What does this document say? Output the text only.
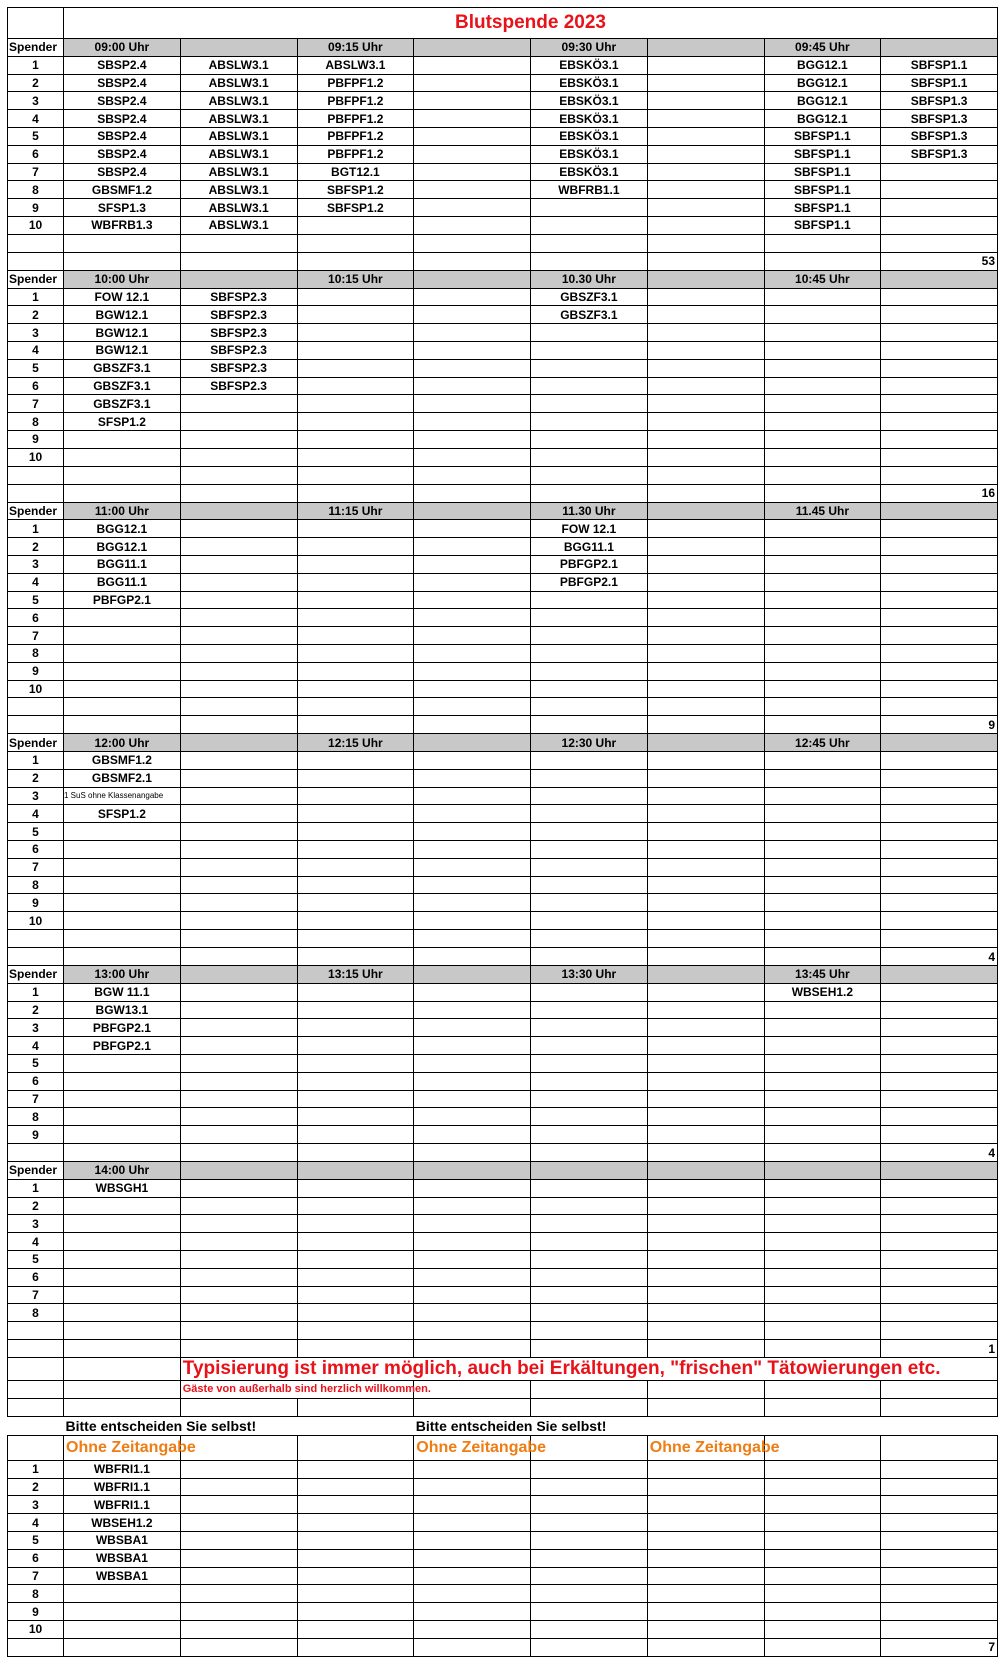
	Blutspende 2023							
Spender	09:00 Uhr		09:15 Uhr		09:30 Uhr		09:45 Uhr	
1	SBSP2.4	ABSLW3.1	ABSLW3.1		EBSKÖ3.1		BGG12.1	SBFSP1.1
2	SBSP2.4	ABSLW3.1	PBFPF1.2		EBSKÖ3.1		BGG12.1	SBFSP1.1
3	SBSP2.4	ABSLW3.1	PBFPF1.2		EBSKÖ3.1		BGG12.1	SBFSP1.3
4	SBSP2.4	ABSLW3.1	PBFPF1.2		EBSKÖ3.1		BGG12.1	SBFSP1.3
5	SBSP2.4	ABSLW3.1	PBFPF1.2		EBSKÖ3.1		SBFSP1.1	SBFSP1.3
6	SBSP2.4	ABSLW3.1	PBFPF1.2		EBSKÖ3.1		SBFSP1.1	SBFSP1.3
7	SBSP2.4	ABSLW3.1	BGT12.1		EBSKÖ3.1		SBFSP1.1	
8	GBSMF1.2	ABSLW3.1	SBFSP1.2		WBFRB1.1		SBFSP1.1	
9	SFSP1.3	ABSLW3.1	SBFSP1.2				SBFSP1.1	
10	WBFRB1.3	ABSLW3.1					SBFSP1.1	

								53
Spender	10:00 Uhr		10:15 Uhr		10.30 Uhr		10:45 Uhr	
1	FOW 12.1	SBFSP2.3			GBSZF3.1			
2	BGW12.1	SBFSP2.3			GBSZF3.1			
3	BGW12.1	SBFSP2.3						
4	BGW12.1	SBFSP2.3						
5	GBSZF3.1	SBFSP2.3						
6	GBSZF3.1	SBFSP2.3						
7	GBSZF3.1							
8	SFSP1.2							
9								
10								

								16
Spender	11:00 Uhr		11:15 Uhr		11.30 Uhr		11.45 Uhr	
1	BGG12.1				FOW 12.1			
2	BGG12.1				BGG11.1			
3	BGG11.1				PBFGP2.1			
4	BGG11.1				PBFGP2.1			
5	PBFGP2.1							
6								
7								
8								
9								
10								

								9
Spender	12:00 Uhr		12:15 Uhr		12:30 Uhr		12:45 Uhr	
1	GBSMF1.2							
2	GBSMF2.1							
3	1 SuS ohne Klassenangabe							
4	SFSP1.2							
5								
6								
7								
8								
9								
10								

								4
Spender	13:00 Uhr		13:15 Uhr		13:30 Uhr		13:45 Uhr	
1	BGW 11.1						WBSEH1.2	
2	BGW13.1							
3	PBFGP2.1							
4	PBFGP2.1							
5								
6								
7								
8								
9								
								4
Spender	14:00 Uhr							
1	WBSGH1							
2								
3								
4								
5								
6								
7								
8								

								1
		Typisierung ist immer möglich, auch bei Erkältungen, "frischen" Tätowierungen etc.						
		Gäste von außerhalb sind herzlich willkommen.						

	Bitte entscheiden Sie selbst!			Bitte entscheiden Sie selbst!				
	Ohne Zeitangabe			Ohne Zeitangabe		Ohne Zeitangabe		
1	WBFRI1.1							
2	WBFRI1.1							
3	WBFRI1.1							
4	WBSEH1.2							
5	WBSBA1							
6	WBSBA1							
7	WBSBA1							
8								
9								
10								
								7
